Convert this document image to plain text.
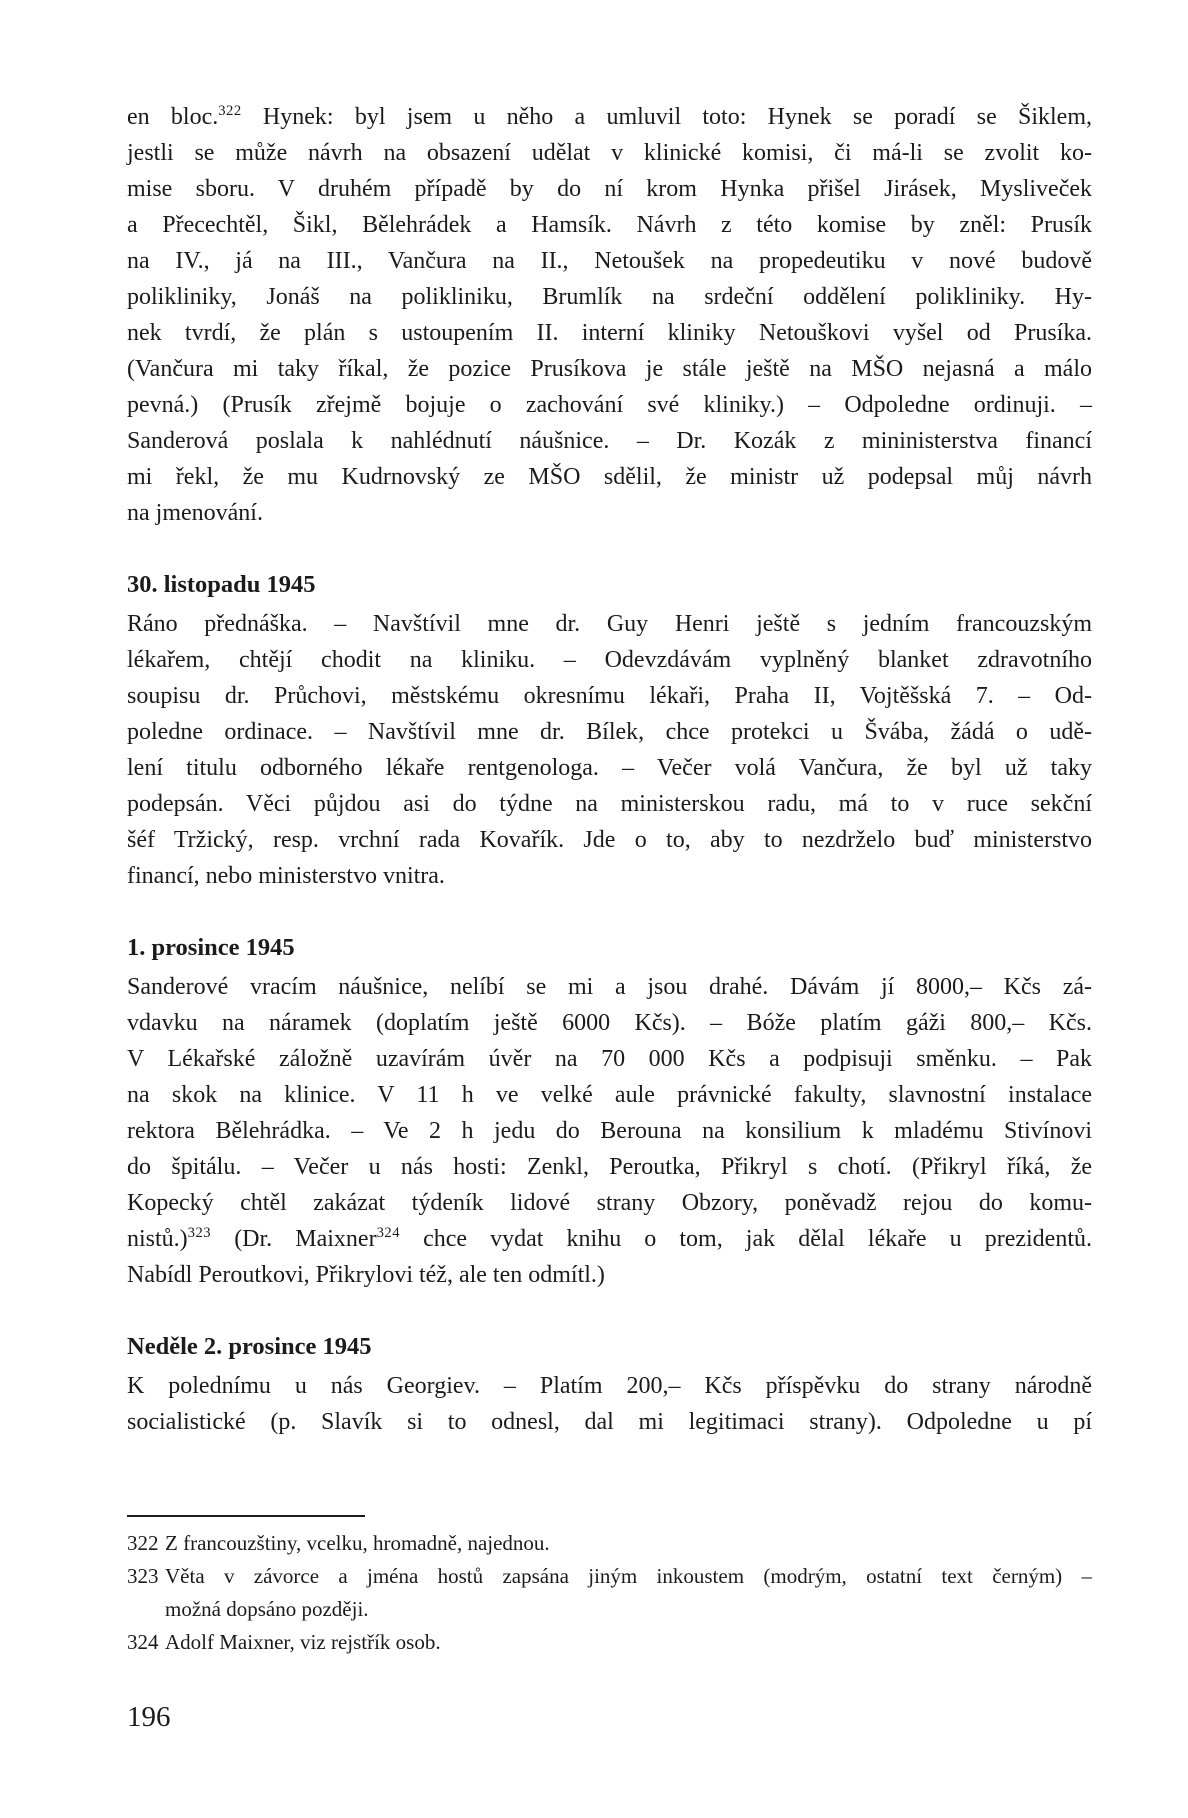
en bloc.$^{322}$ Hynek: byl jsem u něho a umluvil toto: Hynek se poradí se Šiklem,
jestli se může návrh na obsazení udělat v klinické komisi, či má-li se zvolit ko-
mise sboru. V druhém případě by do ní krom Hynka přišel Jirásek, Mysliveček
a Přecechtěl, Šikl, Bělehrádek a Hamsík. Návrh z této komise by zněl: Prusík
na IV., já na III., Vančura na II., Netoušek na propedeutiku v nové budově
polikliniky, Jonáš na polikliniku, Brumlík na srdeční oddělení polikliniky. Hy-
nek tvrdí, že plán s ustoupením II. interní kliniky Netouškovi vyšel od Prusíka.
(Vančura mi taky říkal, že pozice Prusíkova je stále ještě na MŠO nejasná a málo
pevná.) (Prusík zřejmě bojuje o zachování své kliniky.) – Odpoledne ordinuji. –
Sanderová poslala k nahlédnutí náušnice. – Dr. Kozák z mininisterstva financí
mi řekl, že mu Kudrnovský ze MŠO sdělil, že ministr už podepsal můj návrh
na jmenování.
30. listopadu 1945
Ráno přednáška. – Navštívil mne dr. Guy Henri ještě s jedním francouzským
lékařem, chtějí chodit na kliniku. – Odevzdávám vyplněný blanket zdravotního
soupisu dr. Průchovi, městskému okresnímu lékaři, Praha II, Vojtěšská 7. – Od-
poledne ordinace. – Navštívil mne dr. Bílek, chce protekci u Švába, žádá o udě-
lení titulu odborného lékaře rentgenologa. – Večer volá Vančura, že byl už taky
podepsán. Věci půjdou asi do týdne na ministerskou radu, má to v ruce sekční
šéf Tržický, resp. vrchní rada Kovařík. Jde o to, aby to nezdrželo buď ministerstvo
financí, nebo ministerstvo vnitra.
1. prosince 1945
Sanderové vracím náušnice, nelíbí se mi a jsou drahé. Dávám jí 8000,– Kčs zá-
vdavku na náramek (doplatím ještě 6000 Kčs). – Bóže platím gáži 800,– Kčs.
V Lékařské záložně uzavírám úvěr na 70 000 Kčs a podpisuji směnku. – Pak
na skok na klinice. V 11 h ve velké aule právnické fakulty, slavnostní instalace
rektora Bělehrádka. – Ve 2 h jedu do Berouna na konsilium k mladému Stivínovi
do špitálu. – Večer u nás hosti: Zenkl, Peroutka, Přikryl s chotí. (Přikryl říká, že
Kopecký chtěl zakázat týdeník lidové strany Obzory, poněvadž rejou do komu-
nistů.)$^{323}$ (Dr. Maixner$^{324}$ chce vydat knihu o tom, jak dělal lékaře u prezidentů.
Nabídl Peroutkovi, Přikrylovi též, ale ten odmítl.)
Neděle 2. prosince 1945
K polednímu u nás Georgiev. – Platím 200,– Kčs příspěvku do strany národně
socialistické (p. Slavík si to odnesl, dal mi legitimaci strany). Odpoledne u pí
322 Z francouzštiny, vcelku, hromadně, najednou.
323 Věta v závorce a jména hostů zapsána jiným inkoustem (modrým, ostatní text černým) –
možná dopsáno později.
324 Adolf Maixner, viz rejstřík osob.
196
